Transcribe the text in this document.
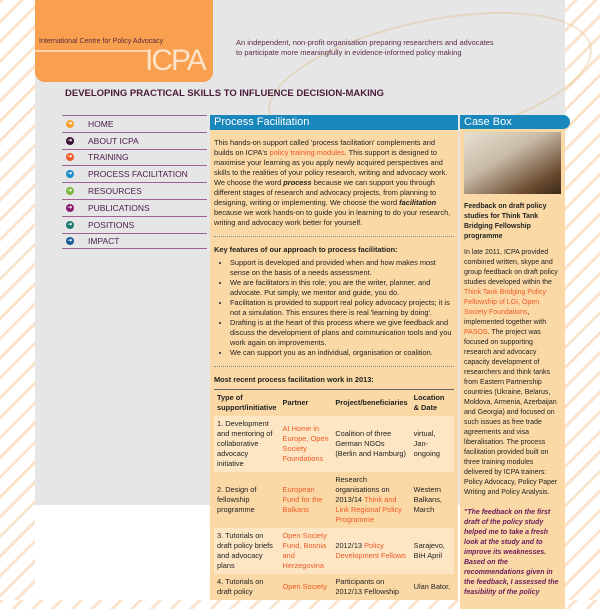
International Centre for Policy Advocacy
ICPA
An independent, non-profit organisation preparing researchers and advocates to participate more meaningfully in evidence-informed policy making
DEVELOPING PRACTICAL SKILLS TO INFLUENCE DECISION-MAKING
➜ HOME
➜ ABOUT ICPA
➜ TRAINING
➜ PROCESS FACILITATION
➜ RESOURCES
➜ PUBLICATIONS
➜ POSITIONS
➜ IMPACT
Process Facilitation

This hands-on support called 'process facilitation' complements and builds on ICPA's policy training modules. This support is designed to maximise your learning as you apply newly acquired perspectives and skills to the realities of your policy research, writing and advocacy work. We choose the word process because we can support you through different stages of research and advocacy projects, from planning to designing, writing or implementing. We choose the word facilitation because we work hands-on to guide you in learning to do your research, writing and advocacy work better for yourself.

Key features of our approach to process facilitation:
• Support is developed and provided when and how makes most sense on the basis of a needs assessment.
• We are facilitators in this role; you are the writer, planner, and advocate. Put simply, we mentor and guide, you do.
• Facilitation is provided to support real policy advocacy projects; it is not a simulation. This ensures there is real 'learning by doing'.
• Drafting is at the heart of this process where we give feedback and discuss the development of plans and communication tools and you work again on improvements.
• We can support you as an individual, organisation or coalition.
Most recent process facilitation work in 2013:
Type of support/initiative	Partner	Project/beneficiaries	Location & Date
1. Development and mentoring of collaborative advocacy initiative	At Home in Europe, Open Society Foundations	Coalition of three German NGOs (Berlin and Hamburg)	virtual, Jan-ongoing
2. Design of fellowship programme	European Fund for the Balkans	Research organisations on 2013/14 Think and Link Regional Policy Programme	Western Balkans, March
3. Tutorials on draft policy briefs and advocacy plans	Open Society Fund, Bosnia and Herzegovina	2012/13 Policy Development Fellows	Sarajevo, BiH April
4. Tutorials on draft policy	Open Society	Participants on 2012/13 Fellowship	Ulan Bator,
Case Box

Feedback on draft policy studies for Think Tank Bridging Fellowship programme

In late 2011, ICPA provided combined written, skype and group feedback on draft policy studies developed within the Think Tank Bridging Policy Fellowship of LGI, Open Society Foundations, implemented together with PASOS. The project was focused on supporting research and advocacy capacity development of researchers and think tanks from Eastern Partnership countries (Ukraine, Belarus, Moldova, Armenia, Azerbaijan and Georgia) and focused on such issues as free trade agreements and visa liberalisation. The process facilitation provided built on three training modules delivered by ICPA trainers: Policy Advocacy, Policy Paper Writing and Policy Analysis.

"The feedback on the first draft of the policy study helped me to take a fresh look at the study and to improve its weaknesses. Based on the recommendations given in the feedback, I assessed the feasibility of the policy
